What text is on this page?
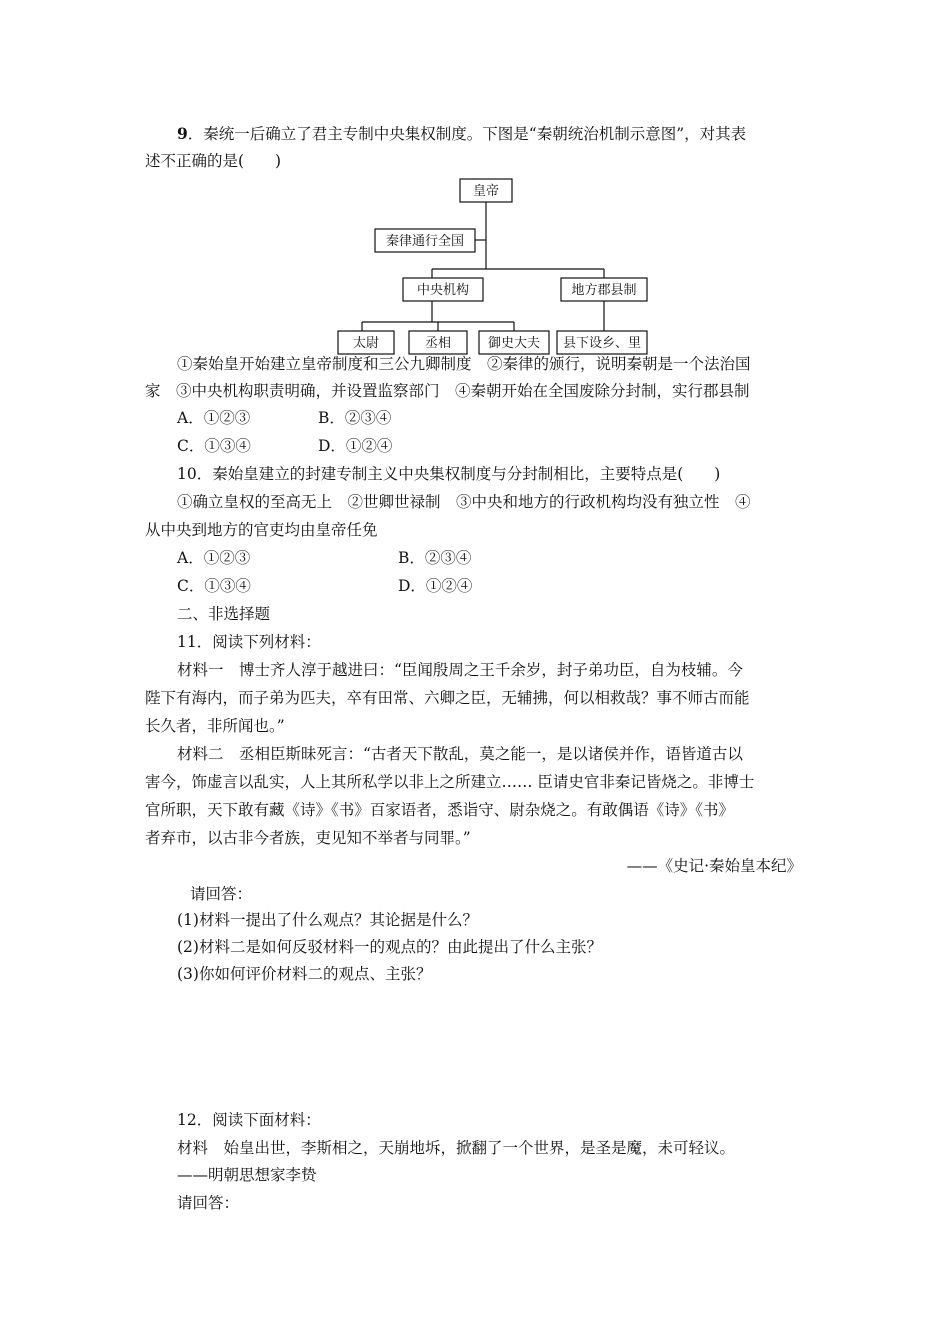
9．秦统一后确立了君主专制中央集权制度。下图是“秦朝统治机制示意图”，对其表
述不正确的是(　　)
皇帝
秦律通行全国
中央机构	地方郡县制
太尉	丞相	御史大夫 县下设乡、里
①秦始皇开始建立皇帝制度和三公九卿制度　②秦律的颁行，说明秦朝是一个法治国
家　③中央机构职责明确，并设置监察部门　④秦朝开始在全国废除分封制，实行郡县制
A．①②③	B．②③④
C．①③④	D．①②④
10．秦始皇建立的封建专制主义中央集权制度与分封制相比，主要特点是(　　)
①确立皇权的至高无上　②世卿世禄制　③中央和地方的行政机构均没有独立性　④
从中央到地方的官吏均由皇帝任免
A．①②③	B．②③④
C．①③④	D．①②④
二、非选择题
11．阅读下列材料：
材料一　博士齐人淳于越进曰：“臣闻殷周之王千余岁，封子弟功臣，自为枝辅。今
陛下有海内，而子弟为匹夫，卒有田常、六卿之臣，无辅拂，何以相救哉？事不师古而能
长久者，非所闻也。”
材料二　丞相臣斯昧死言：“古者天下散乱，莫之能一，是以诸侯并作，语皆道古以
害今，饰虚言以乱实，人上其所私学以非上之所建立…… 臣请史官非秦记皆烧之。非博士
官所职，天下敢有藏《诗》《书》百家语者，悉诣守、尉杂烧之。有敢偶语《诗》《书》
者弃市，以古非今者族，吏见知不举者与同罪。”
——《史记·秦始皇本纪》
请回答：
(1)材料一提出了什么观点？其论据是什么？
(2)材料二是如何反驳材料一的观点的？由此提出了什么主张？
(3)你如何评价材料二的观点、主张？
12．阅读下面材料：
材料　始皇出世，李斯相之，天崩地坼，掀翻了一个世界，是圣是魔，未可轻议。
——明朝思想家李贽
请回答：
